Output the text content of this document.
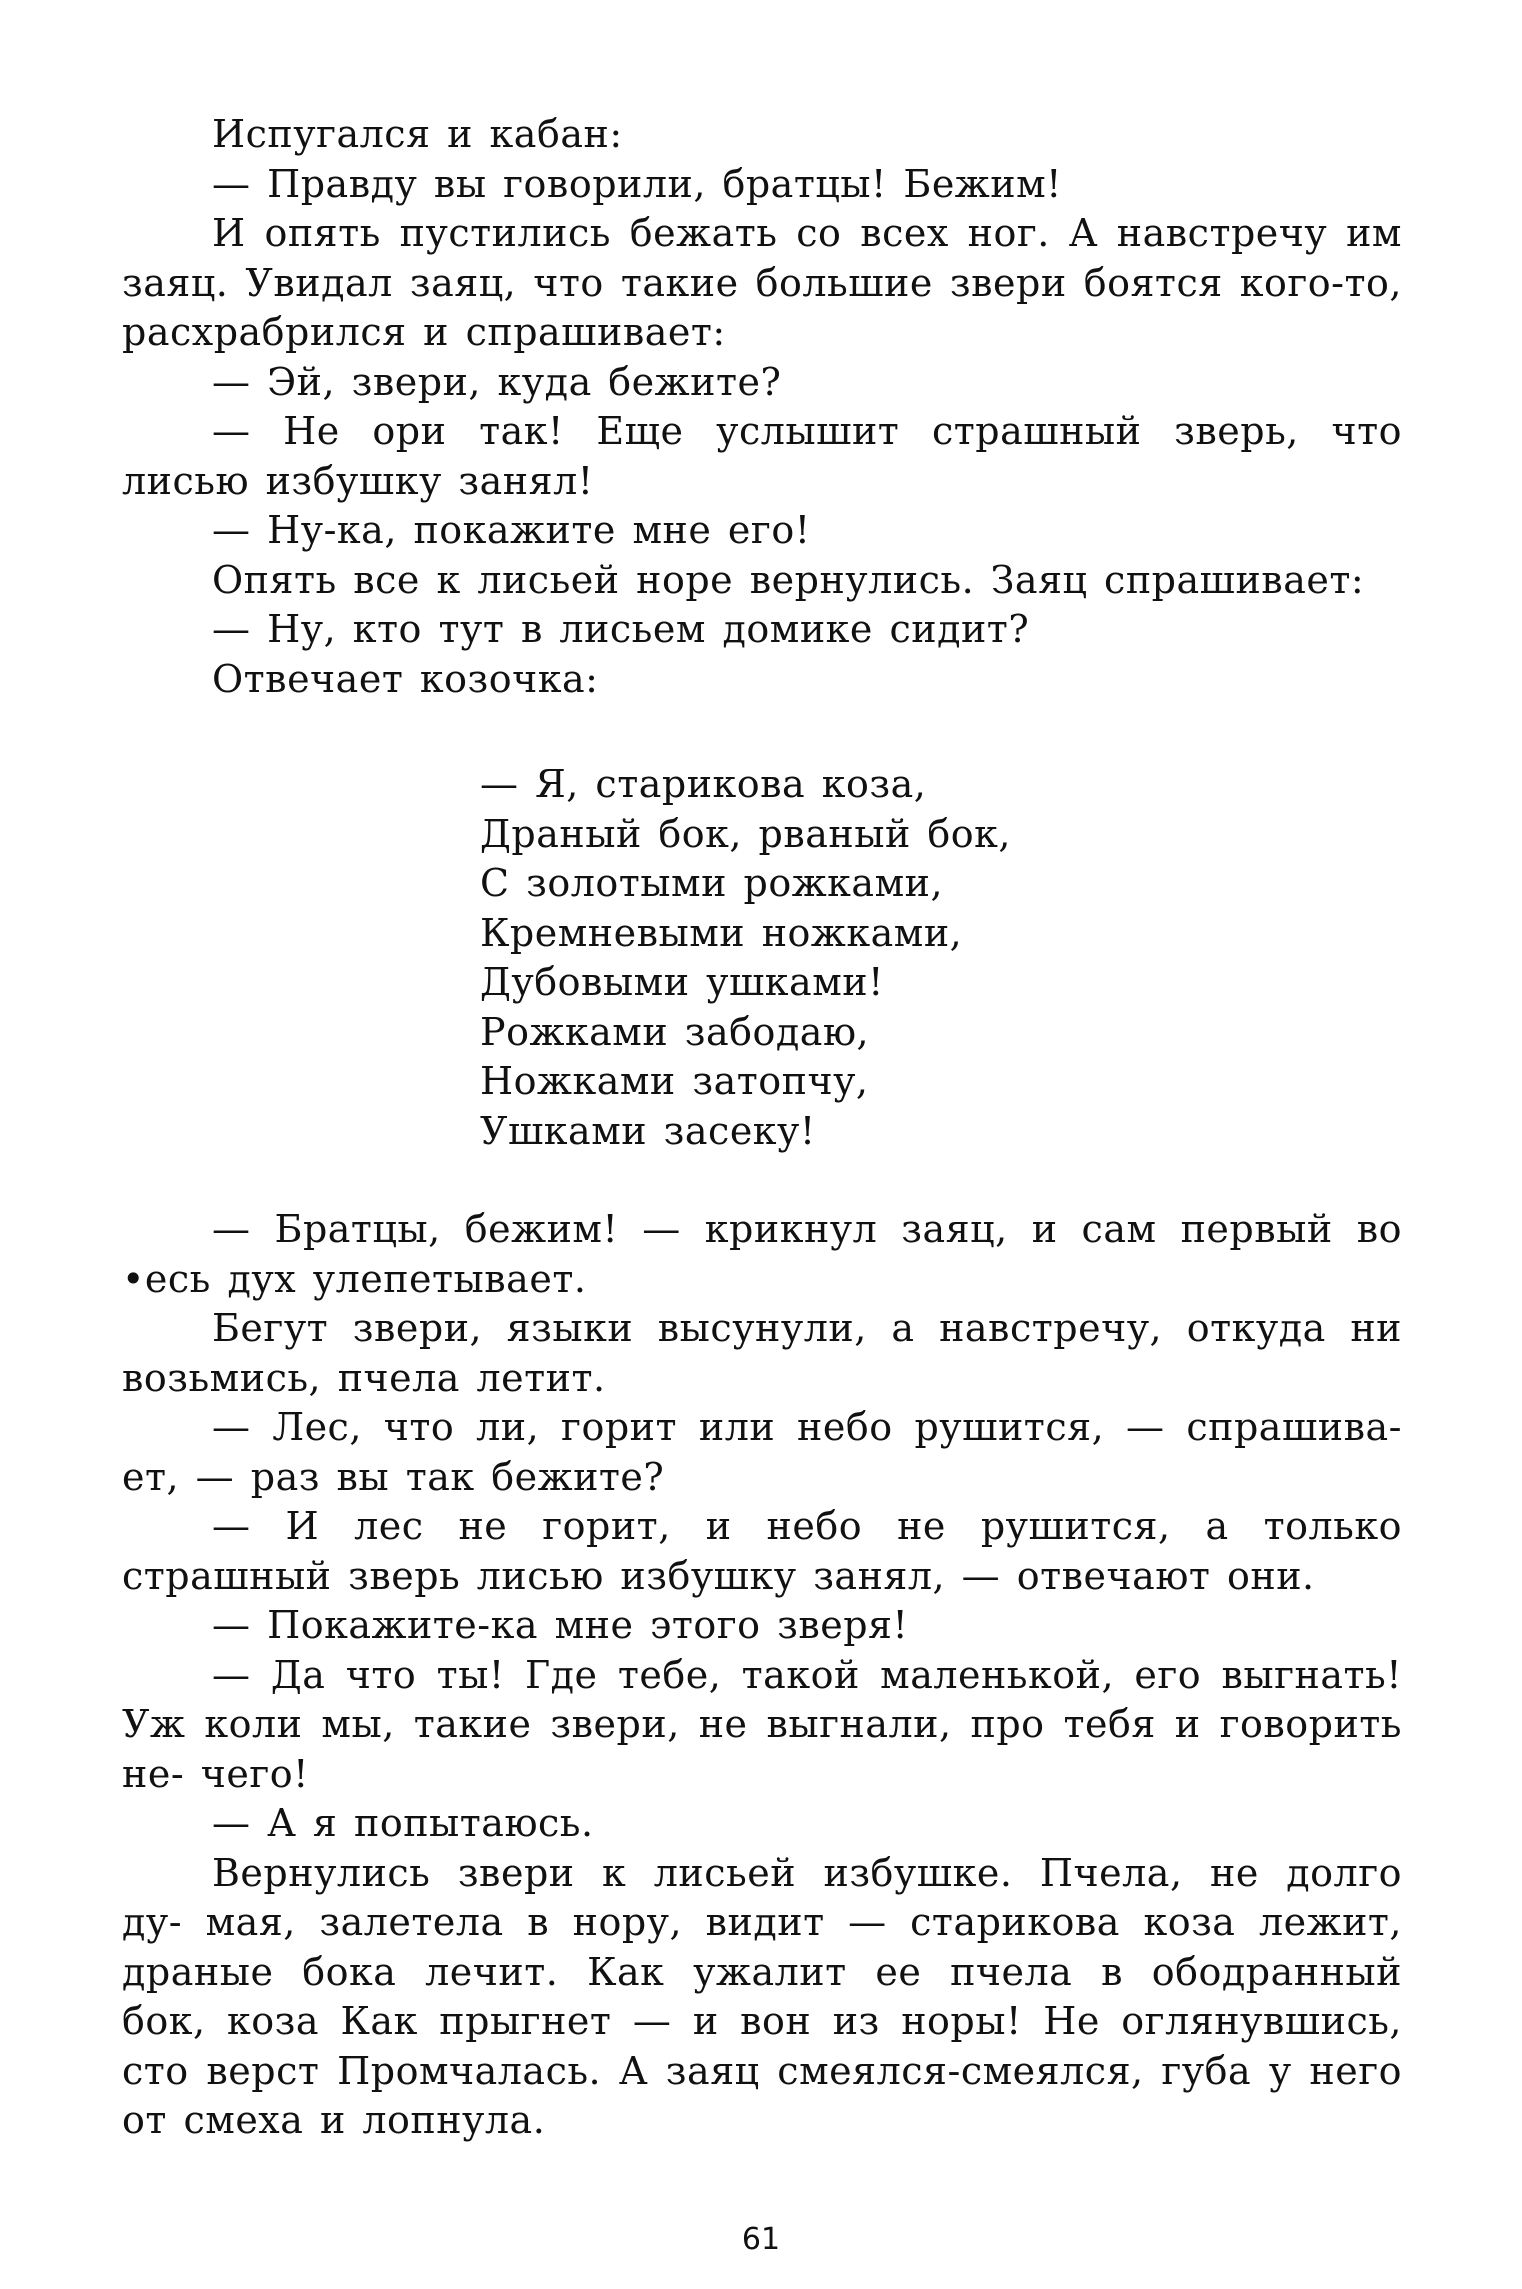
Испугался и кабан:

— Правду вы говорили, братцы! Бежим!

И опять пустились бежать со всех ног. А навстречу им заяц. Увидал заяц, что такие большие звери боятся кого-то, расхрабрился и спрашивает:

— Эй, звери, куда бежите?

— Не ори так! Еще услышит страшный зверь, что лисью избушку занял!

— Ну-ка, покажите мне его!

Опять все к лисьей норе вернулись. Заяц спрашивает:

— Ну, кто тут в лисьем домике сидит?

Отвечает козочка:

— Я, старикова коза,
Драный бок, рваный бок,
С золотыми рожками,
Кремневыми ножками,
Дубовыми ушками!
Рожками забодаю,
Ножками затопчу,
Ушками засеку!

— Братцы, бежим! — крикнул заяц, и сам первый во •есь дух улепетывает.

Бегут звери, языки высунули, а навстречу, откуда ни возьмись, пчела летит.

— Лес, что ли, горит или небо рушится, — спрашива- ет, — раз вы так бежите?

— И лес не горит, и небо не рушится, а только страшный зверь лисью избушку занял, — отвечают они.

— Покажите-ка мне этого зверя!

— Да что ты! Где тебе, такой маленькой, его выгнать! Уж коли мы, такие звери, не выгнали, про тебя и говорить не- чего!

— А я попытаюсь.

Вернулись звери к лисьей избушке. Пчела, не долго ду- мая, залетела в нору, видит — старикова коза лежит, драные бока лечит. Как ужалит ее пчела в ободранный бок, коза Как прыгнет — и вон из норы! Не оглянувшись, сто верст Промчалась. А заяц смеялся-смеялся, губа у него от смеха и лопнула.

61
